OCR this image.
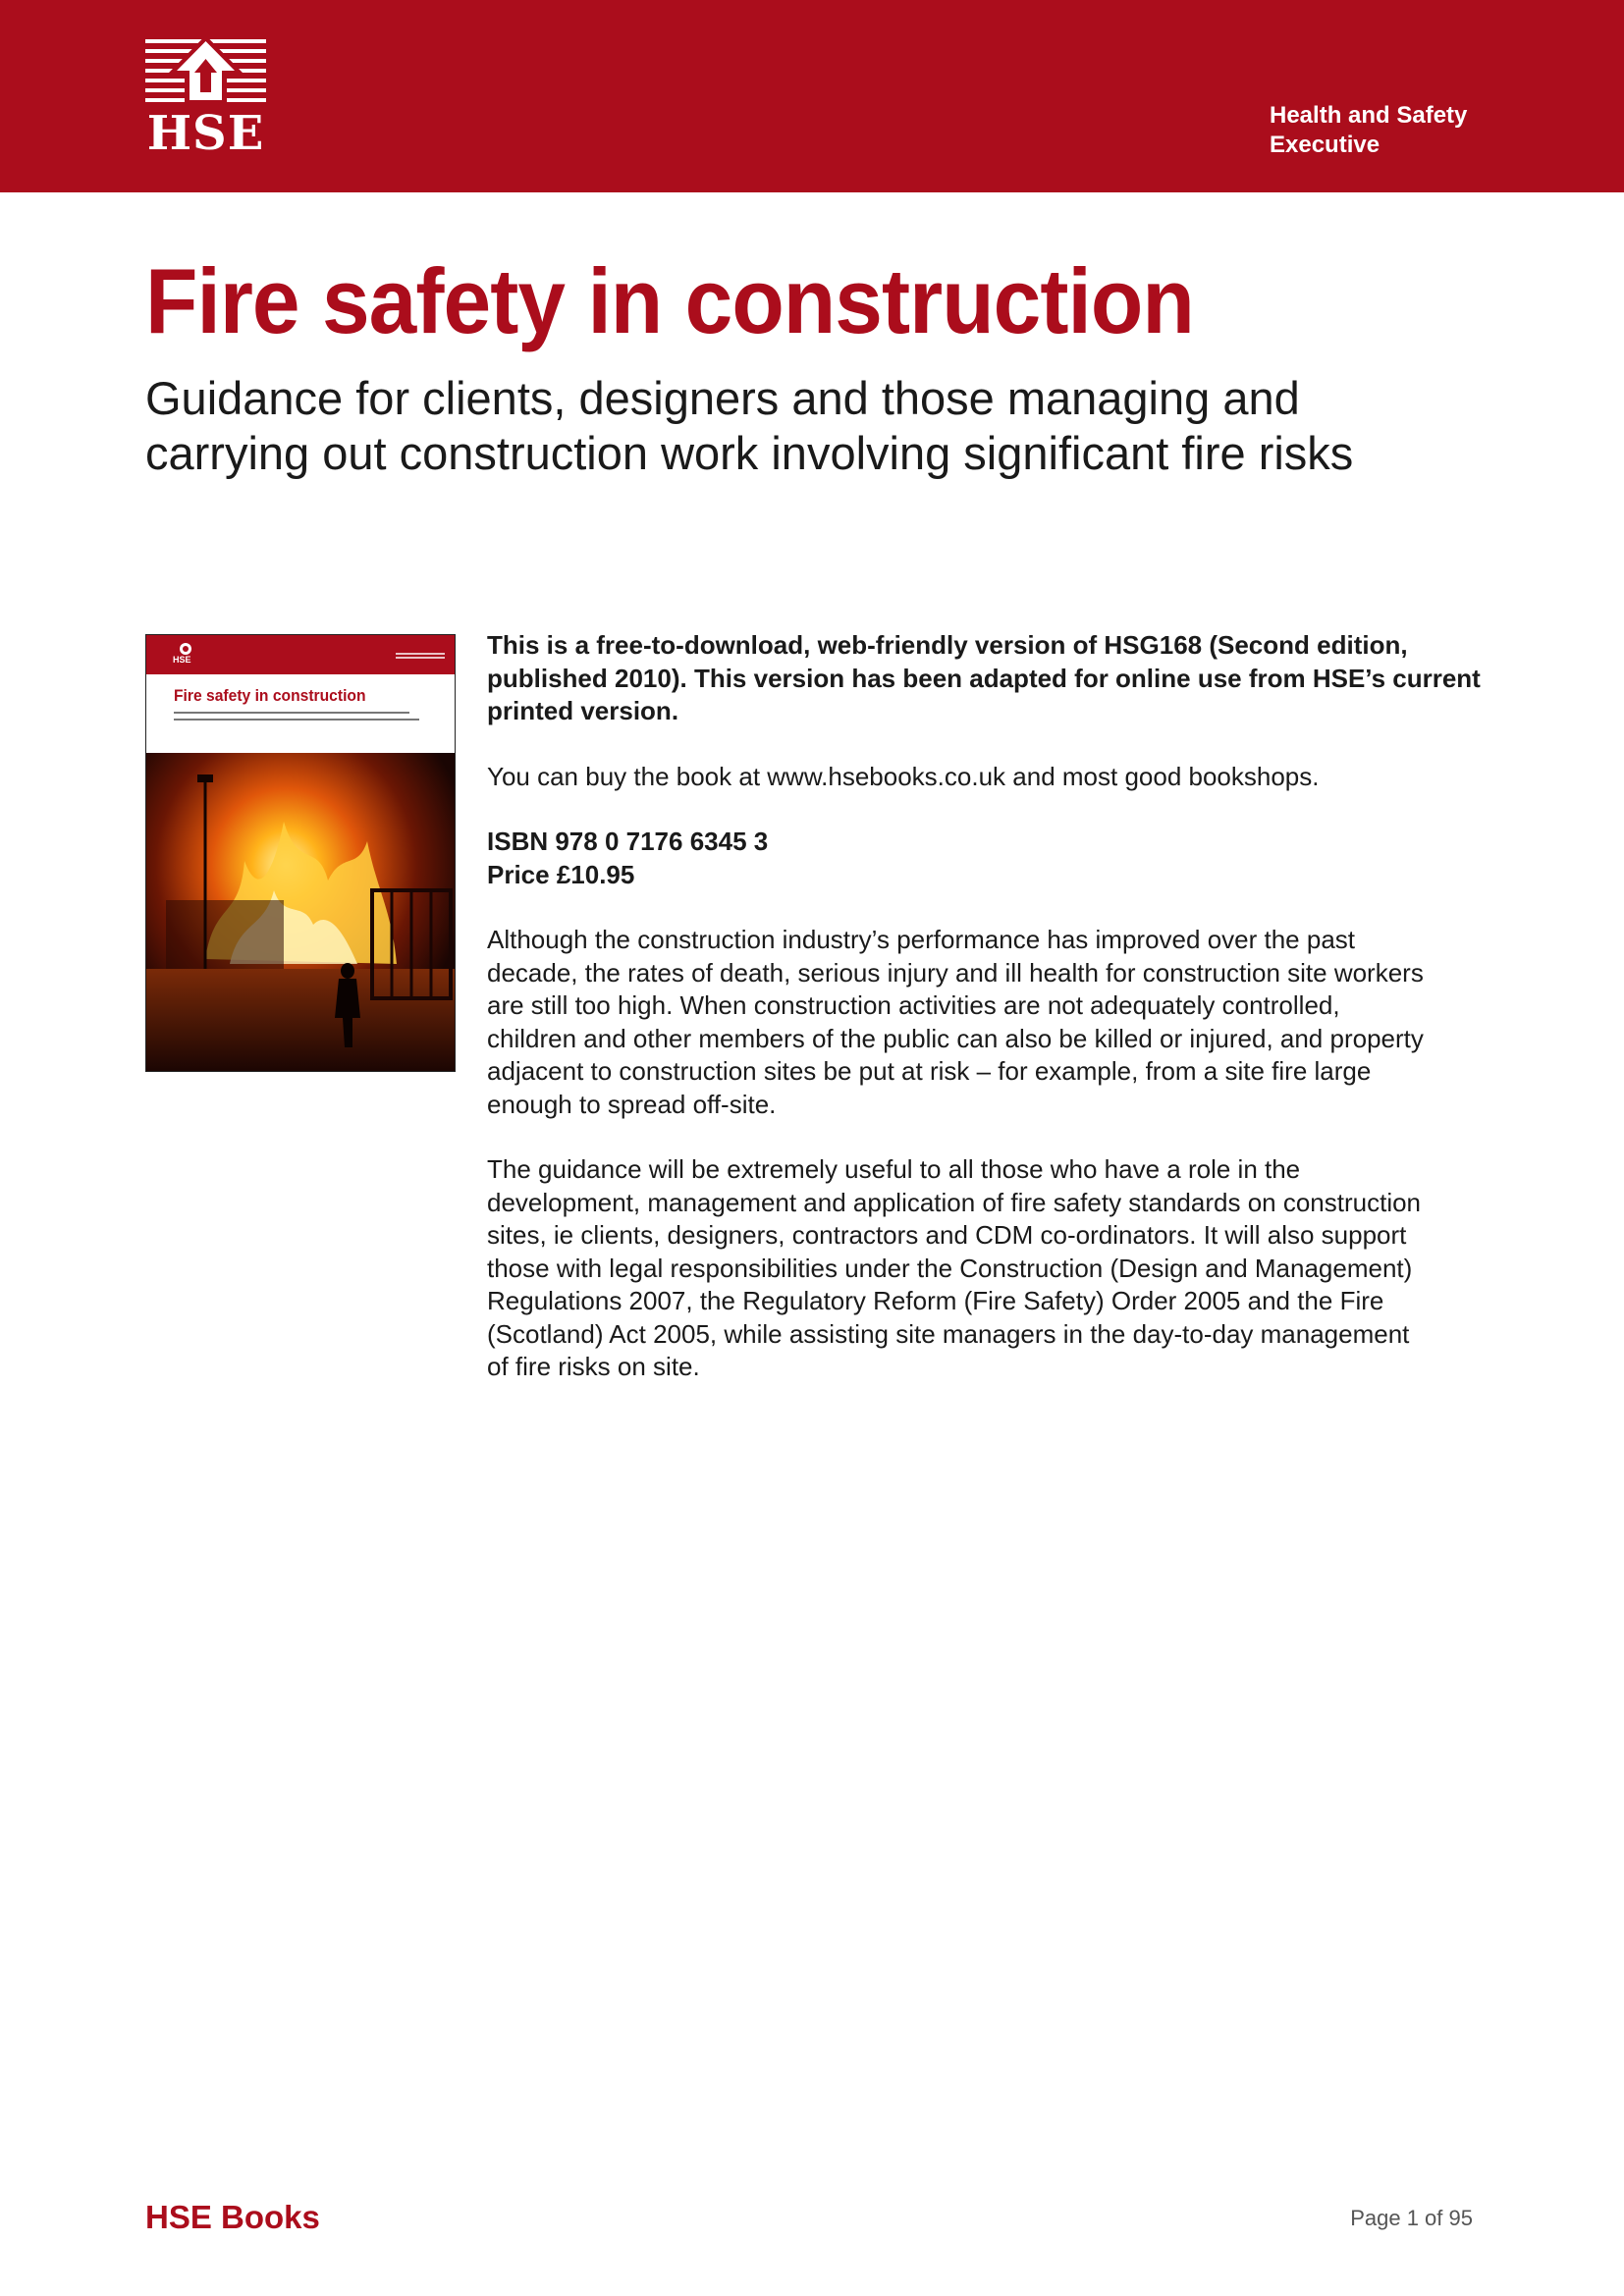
HSE	Health and Safety
Executive
Fire safety in construction
Guidance for clients, designers and those managing and
carrying out construction work involving significant fire risks
HSE
Fire safety in construction

This is a free-to-download, web-friendly version of HSG168 (Second edition, published 2010). This version has been adapted for online use from HSE’s current printed version.

You can buy the book at www.hsebooks.co.uk and most good bookshops.

ISBN 978 0 7176 6345 3
Price £10.95

Although the construction industry’s performance has improved over the past
decade, the rates of death, serious injury and ill health for construction site workers
are still too high. When construction activities are not adequately controlled,
children and other members of the public can also be killed or injured, and property
adjacent to construction sites be put at risk – for example, from a site fire large
enough to spread off-site.

The guidance will be extremely useful to all those who have a role in the
development, management and application of fire safety standards on construction
sites, ie clients, designers, contractors and CDM co-ordinators. It will also support
those with legal responsibilities under the Construction (Design and Management)
Regulations 2007, the Regulatory Reform (Fire Safety) Order 2005 and the Fire
(Scotland) Act 2005, while assisting site managers in the day-to-day management
of fire risks on site.

HSE Books	Page 1 of 95
